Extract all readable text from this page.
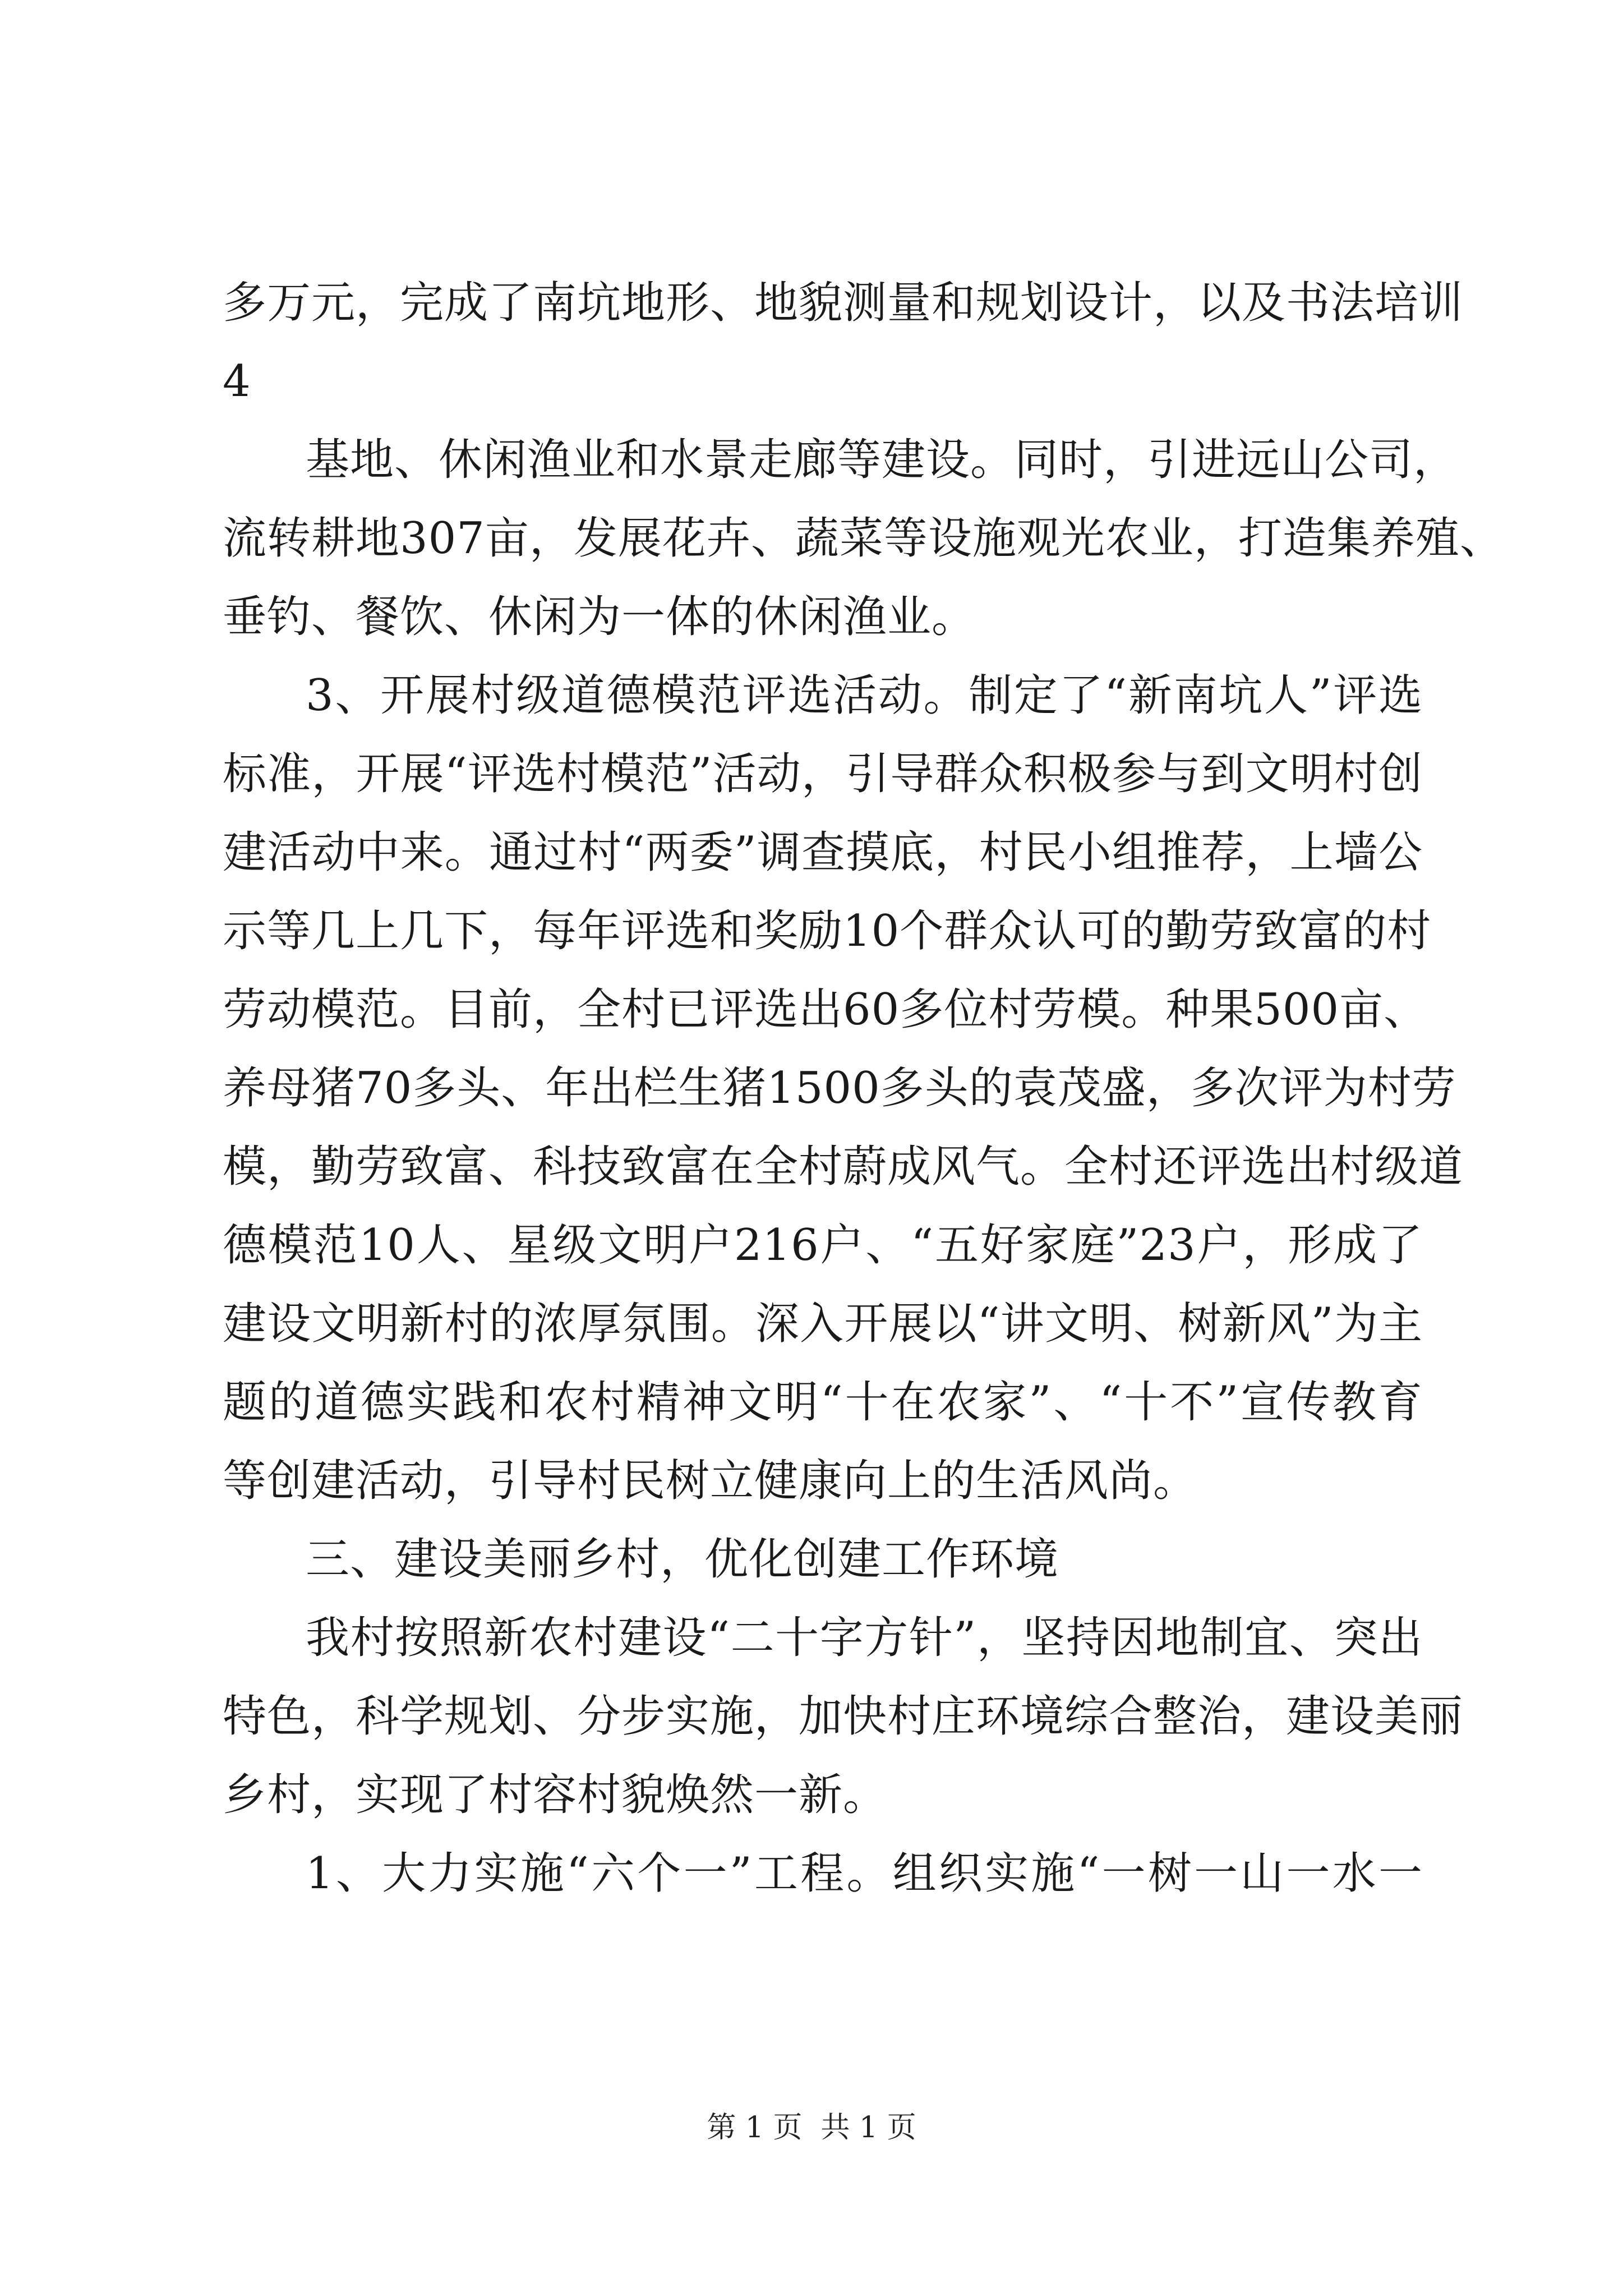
多万元，完成了南坑地形、地貌测量和规划设计，以及书法培训
4
基地、休闲渔业和水景走廊等建设。同时，引进远山公司，
流转耕地307亩，发展花卉、蔬菜等设施观光农业，打造集养殖、
垂钓、餐饮、休闲为一体的休闲渔业。
3、开展村级道德模范评选活动。制定了“新南坑人”评选
标准，开展“评选村模范”活动，引导群众积极参与到文明村创
建活动中来。通过村“两委”调查摸底，村民小组推荐，上墙公
示等几上几下，每年评选和奖励10个群众认可的勤劳致富的村
劳动模范。目前，全村已评选出60多位村劳模。种果500亩、
养母猪70多头、年出栏生猪1500多头的袁茂盛，多次评为村劳
模，勤劳致富、科技致富在全村蔚成风气。全村还评选出村级道
德模范10人、星级文明户216户、“五好家庭”23户，形成了
建设文明新村的浓厚氛围。深入开展以“讲文明、树新风”为主
题的道德实践和农村精神文明“十在农家”、“十不”宣传教育
等创建活动，引导村民树立健康向上的生活风尚。
三、建设美丽乡村，优化创建工作环境
我村按照新农村建设“二十字方针”，坚持因地制宜、突出
特色，科学规划、分步实施，加快村庄环境综合整治，建设美丽
乡村，实现了村容村貌焕然一新。
1、大力实施“六个一”工程。组织实施“一树一山一水一
第 1 页  共 1 页
